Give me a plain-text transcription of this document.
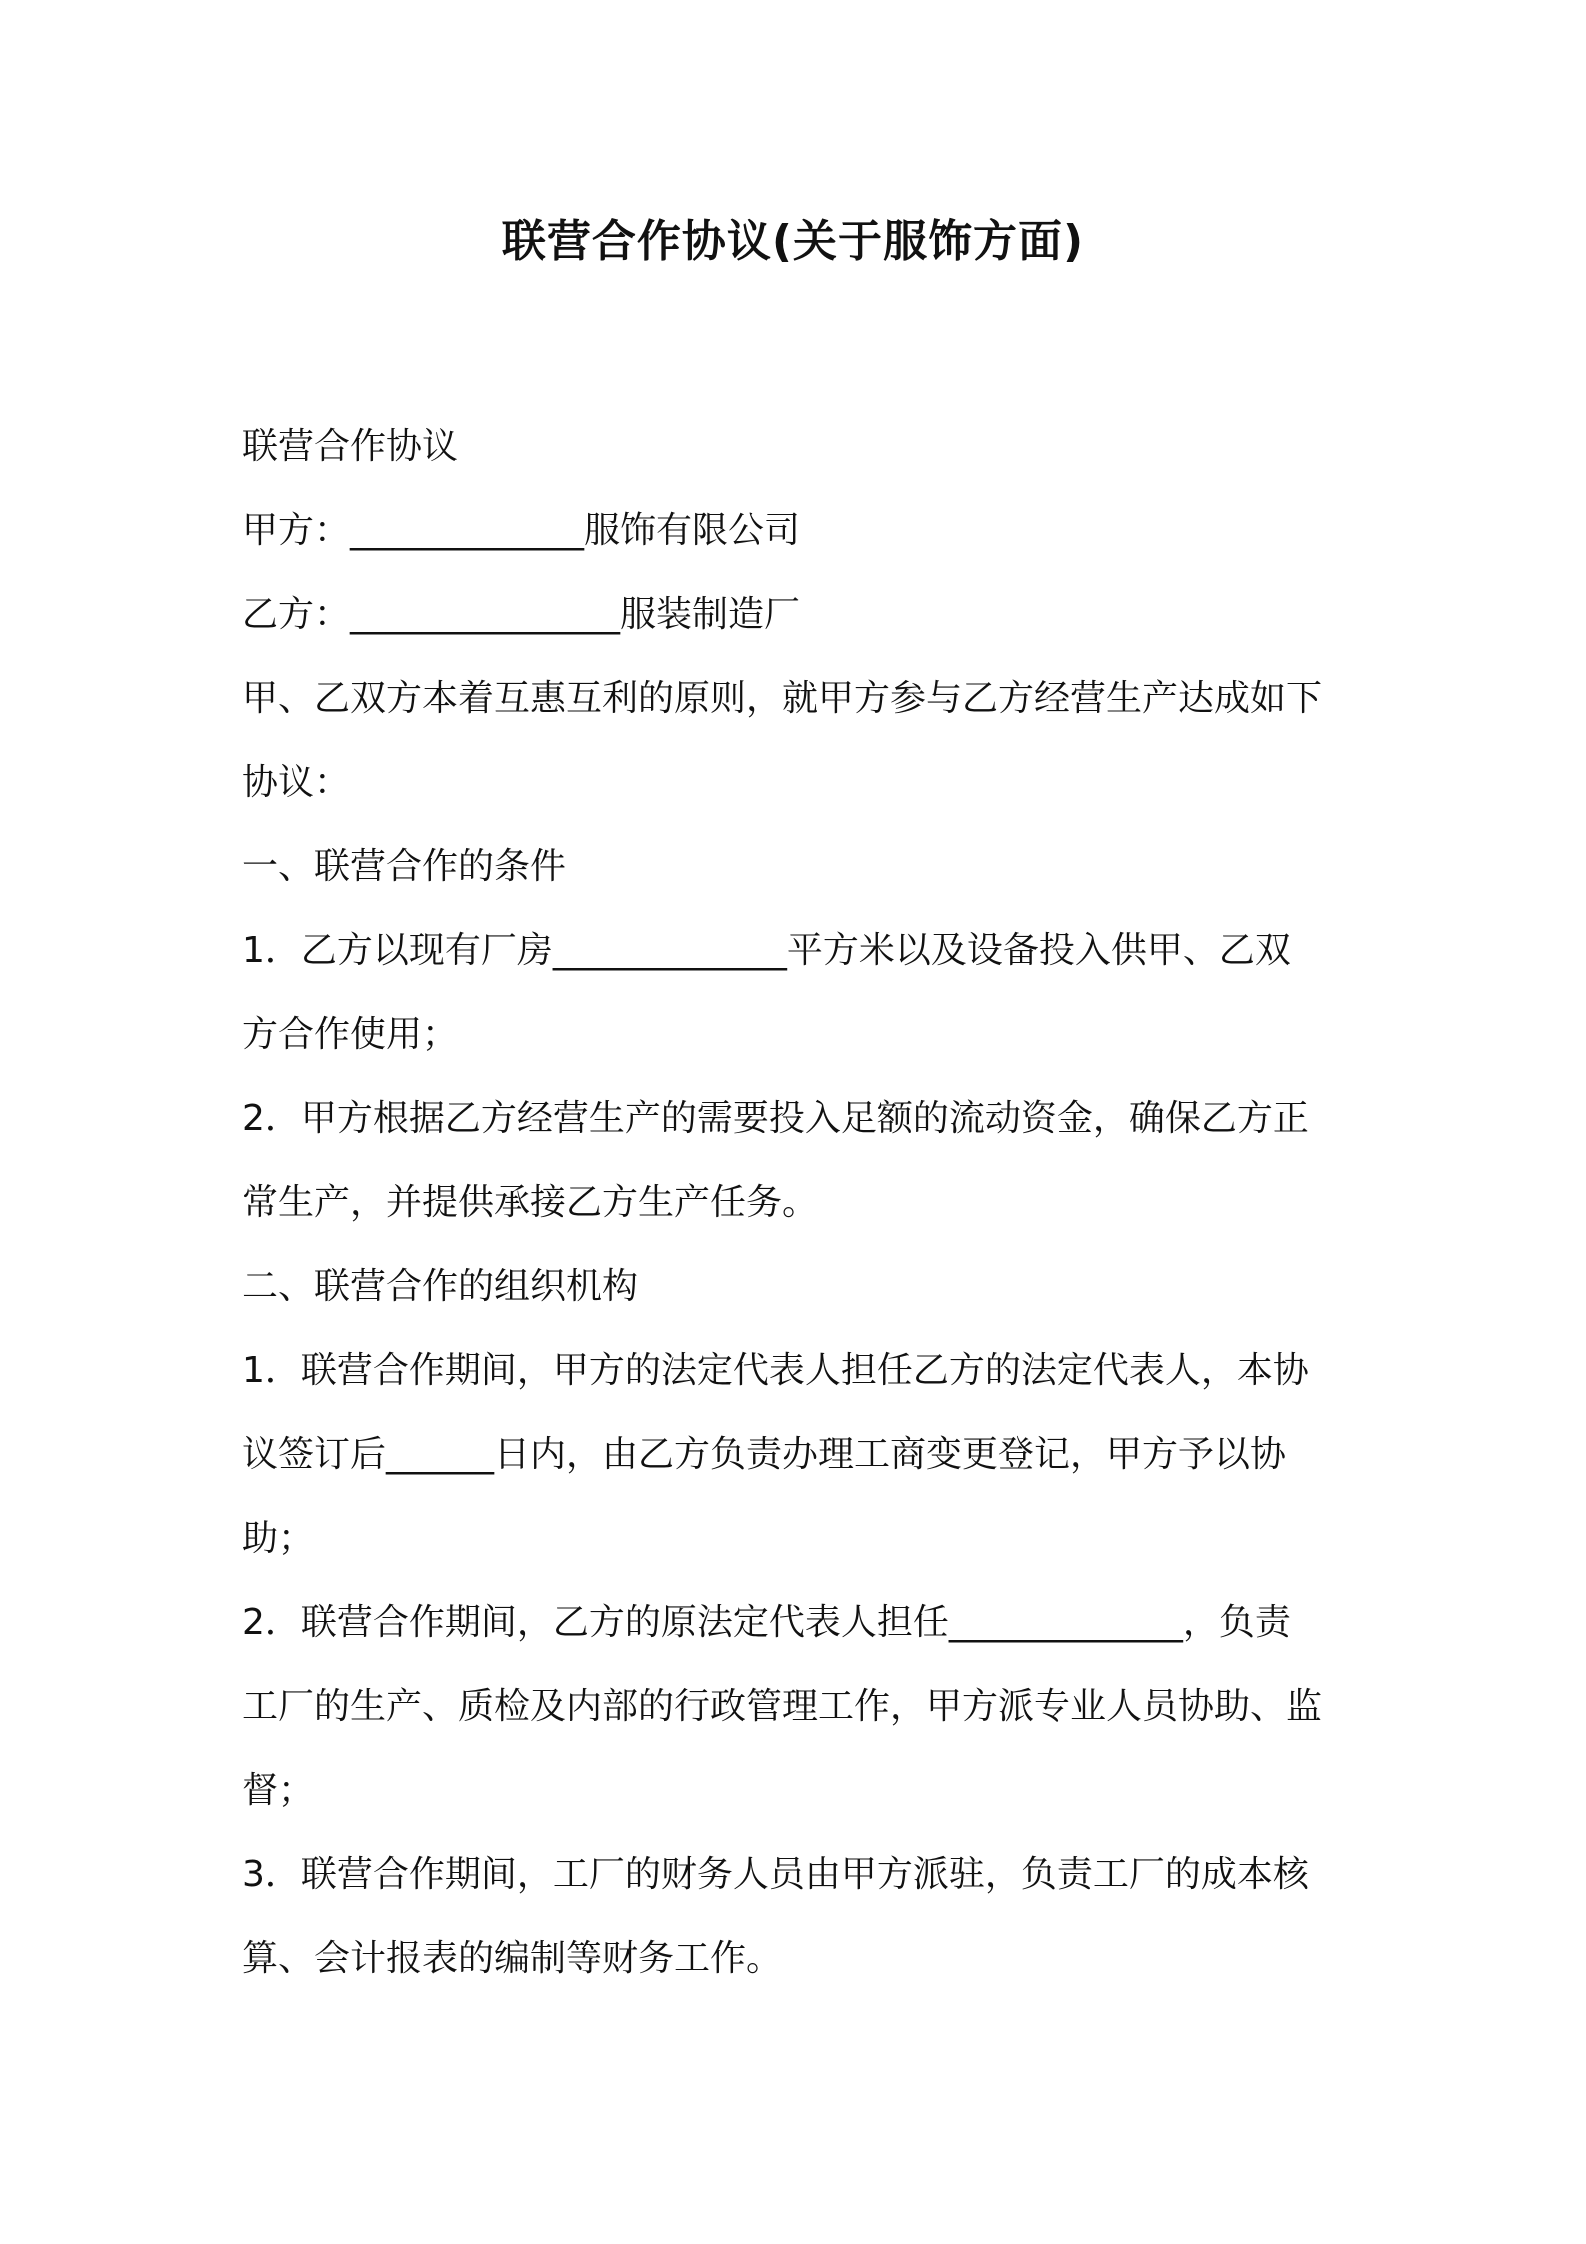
联营合作协议(关于服饰方面)
联营合作协议
甲方：_____________服饰有限公司
乙方：_______________服装制造厂
甲、乙双方本着互惠互利的原则，就甲方参与乙方经营生产达成如下
协议：
一、联营合作的条件
1．乙方以现有厂房_____________平方米以及设备投入供甲、乙双
方合作使用；
2．甲方根据乙方经营生产的需要投入足额的流动资金，确保乙方正
常生产，并提供承接乙方生产任务。
二、联营合作的组织机构
1．联营合作期间，甲方的法定代表人担任乙方的法定代表人，本协
议签订后______日内，由乙方负责办理工商变更登记，甲方予以协
助；
2．联营合作期间，乙方的原法定代表人担任_____________，负责
工厂的生产、质检及内部的行政管理工作，甲方派专业人员协助、监
督；
3．联营合作期间，工厂的财务人员由甲方派驻，负责工厂的成本核
算、会计报表的编制等财务工作。
